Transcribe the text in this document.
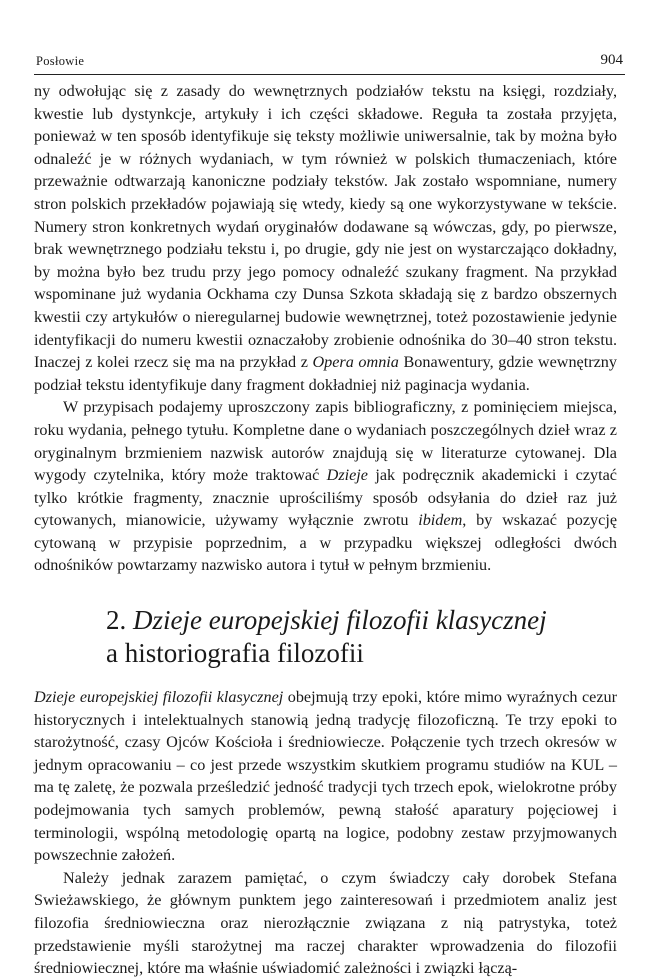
Posłowie	904

ny odwołując się z zasady do wewnętrznych podziałów tekstu na księgi, rozdziały, kwestie lub dystynkcje, artykuły i ich części składowe. Reguła ta została przyjęta, ponieważ w ten sposób identyfikuje się teksty możliwie uniwersalnie, tak by można było odnaleźć je w różnych wydaniach, w tym również w polskich tłumaczeniach, które przeważnie odtwarzają kanoniczne podziały tekstów. Jak zostało wspomniane, numery stron polskich przekładów pojawiają się wtedy, kiedy są one wykorzystywane w tekście. Numery stron konkretnych wydań oryginałów dodawane są wówczas, gdy, po pierwsze, brak wewnętrznego podziału tekstu i, po drugie, gdy nie jest on wystarczająco dokładny, by można było bez trudu przy jego pomocy odnaleźć szukany fragment. Na przykład wspominane już wydania Ockhama czy Dunsa Szkota składają się z bardzo obszernych kwestii czy artykułów o nieregularnej budowie wewnętrznej, toteż pozostawienie jedynie identyfikacji do numeru kwestii oznaczałoby zrobienie odnośnika do 30–40 stron tekstu. Inaczej z kolei rzecz się ma na przykład z Opera omnia Bonawentury, gdzie wewnętrzny podział tekstu identyfikuje dany fragment dokładniej niż paginacja wydania.

W przypisach podajemy uproszczony zapis bibliograficzny, z pominięciem miejsca, roku wydania, pełnego tytułu. Kompletne dane o wydaniach poszczególnych dzieł wraz z oryginalnym brzmieniem nazwisk autorów znajdują się w literaturze cytowanej. Dla wygody czytelnika, który może traktować Dzieje jak podręcznik akademicki i czytać tylko krótkie fragmenty, znacznie uprościliśmy sposób odsyłania do dzieł raz już cytowanych, mianowicie, używamy wyłącznie zwrotu ibidem, by wskazać pozycję cytowaną w przypisie poprzednim, a w przypadku większej odległości dwóch odnośników powtarzamy nazwisko autora i tytuł w pełnym brzmieniu.

2. Dzieje europejskiej filozofii klasycznej
a historiografia filozofii

Dzieje europejskiej filozofii klasycznej obejmują trzy epoki, które mimo wyraźnych cezur historycznych i intelektualnych stanowią jedną tradycję filozoficzną. Te trzy epoki to starożytność, czasy Ojców Kościoła i średniowiecze. Połączenie tych trzech okresów w jednym opracowaniu – co jest przede wszystkim skutkiem programu studiów na KUL – ma tę zaletę, że pozwala prześledzić jedność tradycji tych trzech epok, wielokrotne próby podejmowania tych samych problemów, pewną stałość aparatury pojęciowej i terminologii, wspólną metodologię opartą na logice, podobny zestaw przyjmowanych powszechnie założeń.

Należy jednak zarazem pamiętać, o czym świadczy cały dorobek Stefana Swieżawskiego, że głównym punktem jego zainteresowań i przedmiotem analiz jest filozofia średniowieczna oraz nierozłącznie związana z nią patrystyka, toteż przedstawienie myśli starożytnej ma raczej charakter wprowadzenia do filozofii średniowiecznej, które ma właśnie uświadomić zależności i związki łączą-
